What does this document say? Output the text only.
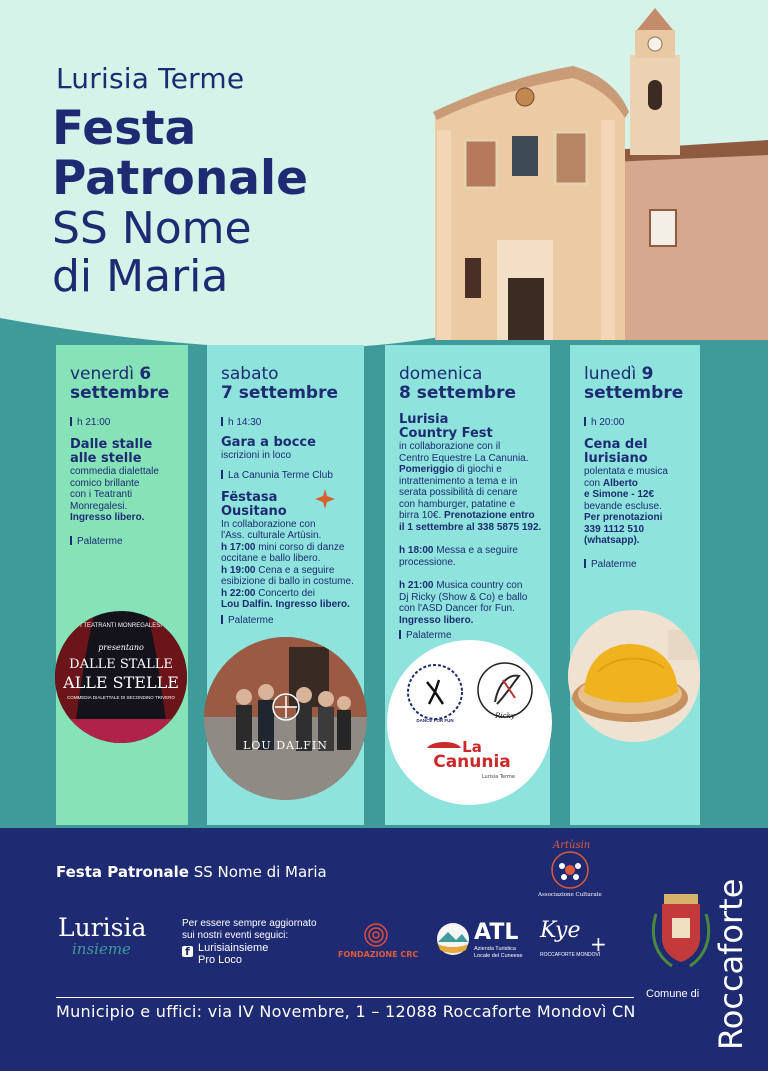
Lurisia Terme
Festa
Patronale
SS Nome
di Maria
venerdì 6
settembre
h 21:00
Dalle stalle
alle stelle
commedia dialettale
comico brillante
con i Teatranti
Monregalesi.
Ingresso libero.
Palaterme
I TEATRANTI MONREGALESI
presentano
DALLE STALLE
ALLE STELLE
COMMEDIA DIALETTALE DI SECONDINO TRIVERO
sabato
7 settembre
h 14:30
Gara a bocce
iscrizioni in loco
La Canunia Terme Club
Fëstasa
Ousitano
In collaborazione con
l'Ass. culturale Artùsin.
h 17:00 mini corso di danze
occitane e ballo libero.
h 19:00 Cena e a seguire
esibizione di ballo in costume.
h 22:00 Concerto dei
Lou Dalfin. Ingresso libero.
Palaterme
LOU DALFIN
domenica
8 settembre
Lurisia
Country Fest
in collaborazione con il
Centro Equestre La Canunia.
Pomeriggio di giochi e
intrattenimento a tema e in
serata possibilità di cenare
con hamburger, patatine e
birra 10€. Prenotazione entro
il 1 settembre al 338 5875 192.
h 18:00 Messa e a seguire
processione.
h 21:00 Musica country con
Dj Ricky (Show & Co) e ballo
con l'ASD Dancer for Fun.
Ingresso libero.
Palaterme
DANCE FOR FUN
Ricky
La
Canunia
Lurisia Terme
lunedì 9
settembre
h 20:00
Cena del
lurisiano
polentata e musica
con Alberto
e Simone - 12€
bevande escluse.
Per prenotazioni
339 1112 510
(whatsapp).
Palaterme
Festa Patronale SS Nome di Maria
Lurisia
insieme
Per essere sempre aggiornato
sui nostri eventi seguici:
f Lurisiainsieme
Pro Loco	FONDAZIONE CRC
ATL
Azienda Turistica
Locale del Cuneese
Kye
+
ROCCAFORTE MONDOVÌ
Artùsin
Associazione Culturale
Comune di
Municipio e uffici: via IV Novembre, 1 – 12088 Roccaforte Mondovì CN Roccaforte
